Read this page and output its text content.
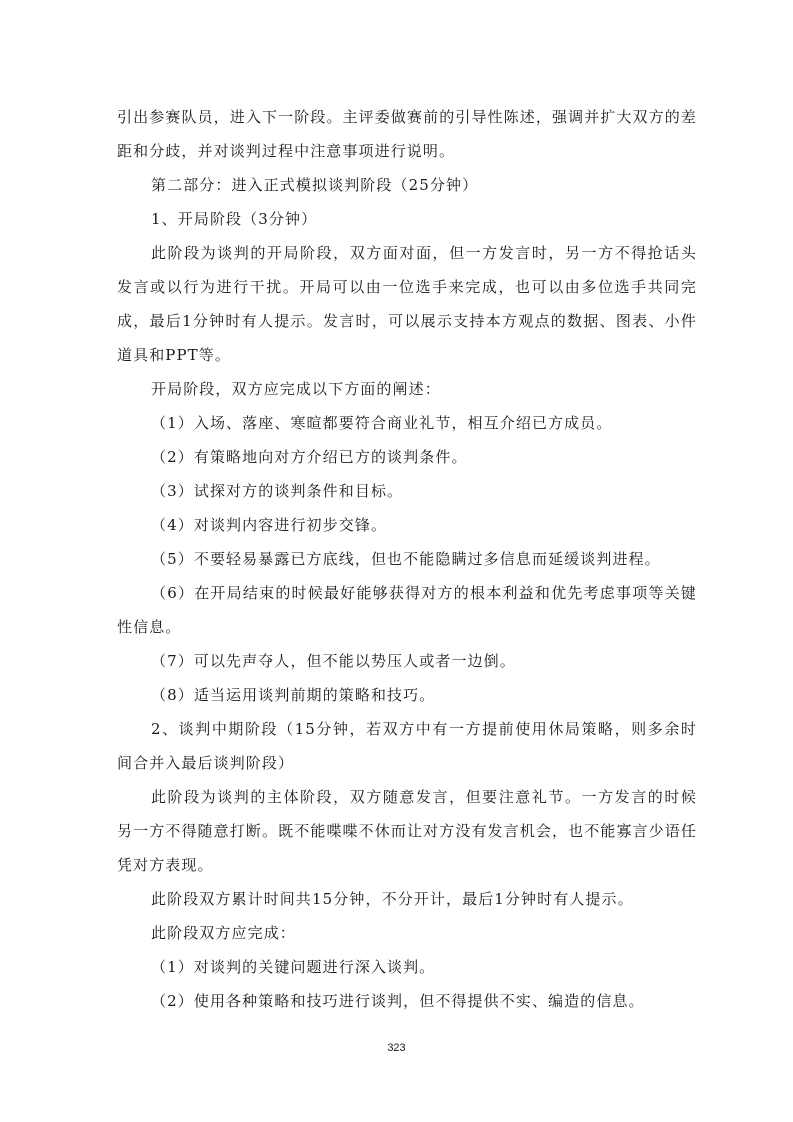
引出参赛队员，进入下一阶段。主评委做赛前的引导性陈述，强调并扩大双方的差距和分歧，并对谈判过程中注意事项进行说明。

第二部分：进入正式模拟谈判阶段（25分钟）

1、开局阶段（3分钟）

此阶段为谈判的开局阶段，双方面对面，但一方发言时，另一方不得抢话头发言或以行为进行干扰。开局可以由一位选手来完成，也可以由多位选手共同完成，最后1分钟时有人提示。发言时，可以展示支持本方观点的数据、图表、小件道具和PPT等。

开局阶段，双方应完成以下方面的阐述：

（1）入场、落座、寒暄都要符合商业礼节，相互介绍已方成员。

（2）有策略地向对方介绍已方的谈判条件。

（3）试探对方的谈判条件和目标。

（4）对谈判内容进行初步交锋。

（5）不要轻易暴露已方底线，但也不能隐瞒过多信息而延缓谈判进程。

（6）在开局结束的时候最好能够获得对方的根本利益和优先考虑事项等关键性信息。

（7）可以先声夺人，但不能以势压人或者一边倒。

（8）适当运用谈判前期的策略和技巧。

2、谈判中期阶段（15分钟，若双方中有一方提前使用休局策略，则多余时间合并入最后谈判阶段）

此阶段为谈判的主体阶段，双方随意发言，但要注意礼节。一方发言的时候另一方不得随意打断。既不能喋喋不休而让对方没有发言机会，也不能寡言少语任凭对方表现。

此阶段双方累计时间共15分钟，不分开计，最后1分钟时有人提示。

此阶段双方应完成：

（1）对谈判的关键问题进行深入谈判。

（2）使用各种策略和技巧进行谈判，但不得提供不实、编造的信息。

323
